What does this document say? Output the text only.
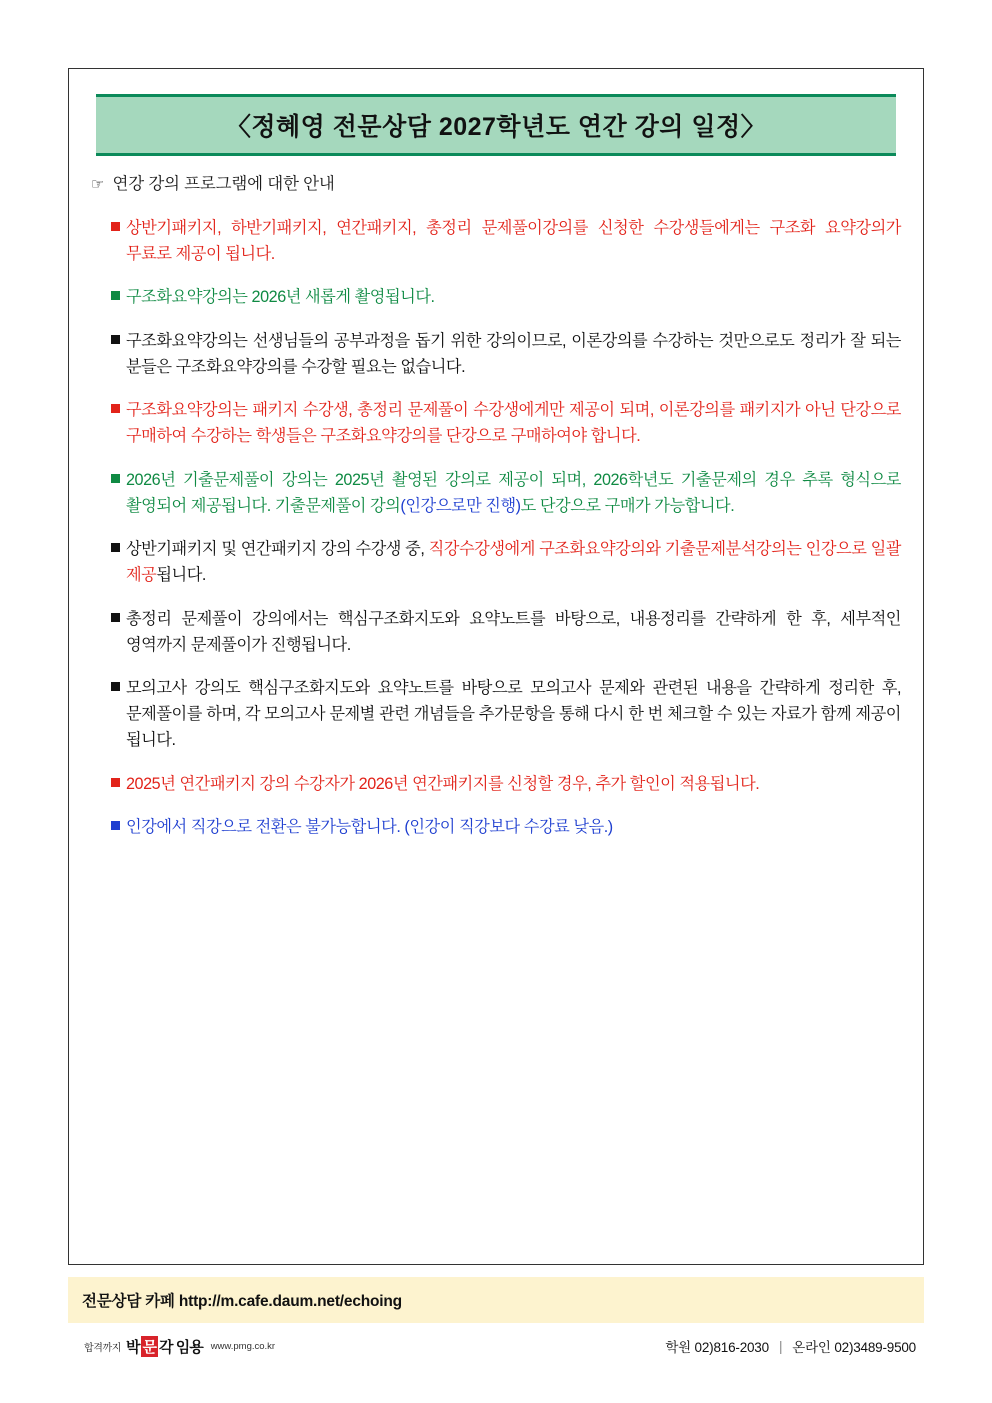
〈정혜영 전문상담 2027학년도 연간 강의 일정〉
☞ 연강 강의 프로그램에 대한 안내
상반기패키지, 하반기패키지, 연간패키지, 총정리 문제풀이강의를 신청한 수강생들에게는 구조화 요약강의가 무료로 제공이 됩니다.
구조화요약강의는 2026년 새롭게 촬영됩니다.
구조화요약강의는 선생님들의 공부과정을 돕기 위한 강의이므로, 이론강의를 수강하는 것만으로도 정리가 잘 되는 분들은 구조화요약강의를 수강할 필요는 없습니다.
구조화요약강의는 패키지 수강생, 총정리 문제풀이 수강생에게만 제공이 되며, 이론강의를 패키지가 아닌 단강으로 구매하여 수강하는 학생들은 구조화요약강의를 단강으로 구매하여야 합니다.
2026년 기출문제풀이 강의는 2025년 촬영된 강의로 제공이 되며, 2026학년도 기출문제의 경우 추록 형식으로 촬영되어 제공됩니다. 기출문제풀이 강의(인강으로만 진행)도 단강으로 구매가 가능합니다.
상반기패키지 및 연간패키지 강의 수강생 중, 직강수강생에게 구조화요약강의와 기출문제분석강의는 인강으로 일괄 제공됩니다.
총정리 문제풀이 강의에서는 핵심구조화지도와 요약노트를 바탕으로, 내용정리를 간략하게 한 후, 세부적인 영역까지 문제풀이가 진행됩니다.
모의고사 강의도 핵심구조화지도와 요약노트를 바탕으로 모의고사 문제와 관련된 내용을 간략하게 정리한 후, 문제풀이를 하며, 각 모의고사 문제별 관련 개념들을 추가문항을 통해 다시 한 번 체크할 수 있는 자료가 함께 제공이 됩니다.
2025년 연간패키지 강의 수강자가 2026년 연간패키지를 신청할 경우, 추가 할인이 적용됩니다.
인강에서 직강으로 전환은 불가능합니다. (인강이 직강보다 수강료 낮음.)
전문상담 카페 http://m.cafe.daum.net/echoing
합격까지 박 문 각 임용 www.pmg.co.kr	학원 02)816-2030 | 온라인 02)3489-9500
